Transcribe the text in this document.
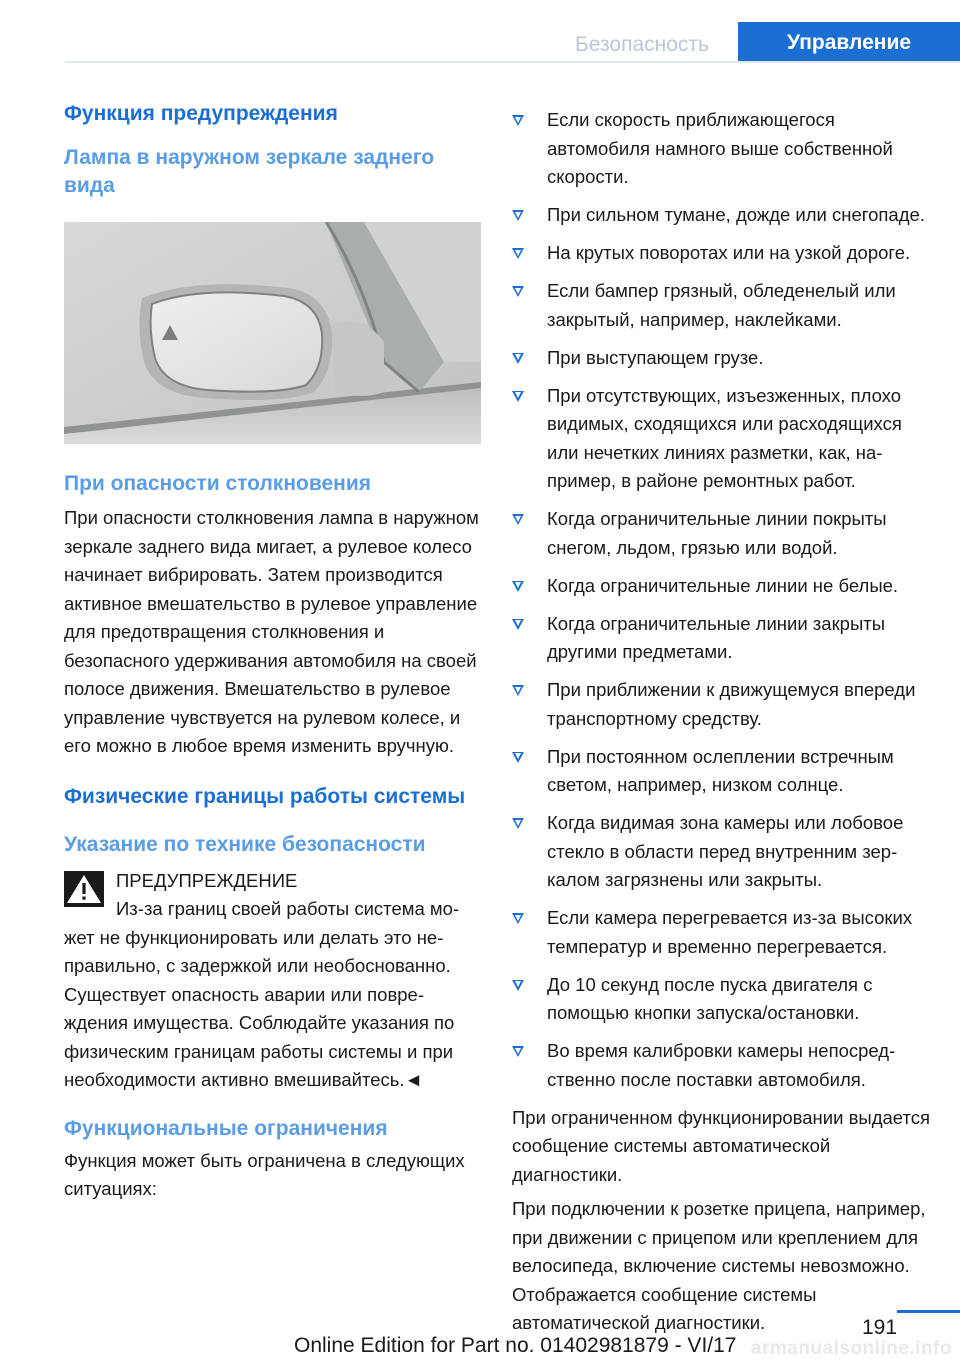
Безопасность	Управление
Функция предупреждения
Лампа в наружном зеркале заднего вида
При опасности столкновения

При опасности столкновения лампа в наружном зеркале заднего вида мигает, а рулевое колесо начинает вибрировать. Затем производится активное вмешательство в рулевое управление для предотвращения столкновения и безопасного удерживания автомобиля на своей полосе движения. Вмешательство в рулевое управление чувствуется на рулевом колесе, и его можно в любое время изменить вручную.

Физические границы работы системы
Указание по технике безопасности
ПРЕДУПРЕЖДЕНИЕ
Из-за границ своей работы система может не функционировать или делать это неправильно, с задержкой или необоснованно. Существует опасность аварии или повреждения имущества. Соблюдайте указания по физическим границам работы системы и при необходимости активно вмешивайтесь.◄
Функциональные ограничения

Функция может быть ограничена в следующих ситуациях:

Если скорость приближающегося автомобиля намного выше собственной скорости.
При сильном тумане, дожде или снегопаде.
На крутых поворотах или на узкой дороге.
Если бампер грязный, обледенелый или закрытый, например, наклейками.
При выступающем грузе.
При отсутствующих, изъезженных, плохо видимых, сходящихся или расходящихся или нечетких линиях разметки, как, например, в районе ремонтных работ.
Когда ограничительные линии покрыты снегом, льдом, грязью или водой.
Когда ограничительные линии не белые.
Когда ограничительные линии закрыты другими предметами.
При приближении к движущемуся впереди транспортному средству.
При постоянном ослеплении встречным светом, например, низком солнце.
Когда видимая зона камеры или лобовое стекло в области перед внутренним зеркалом загрязнены или закрыты.
Если камера перегревается из-за высоких температур и временно перегревается.
До 10 секунд после пуска двигателя с помощью кнопки запуска/остановки.
Во время калибровки камеры непосредственно после поставки автомобиля.

При ограниченном функционировании выдается сообщение системы автоматической диагностики.

При подключении к розетке прицепа, например, при движении с прицепом или креплением для велосипеда, включение системы невозможно. Отображается сообщение системы автоматической диагностики.	191
Online Edition for Part no. 01402981879 - VI/17 armanualsonline.info
